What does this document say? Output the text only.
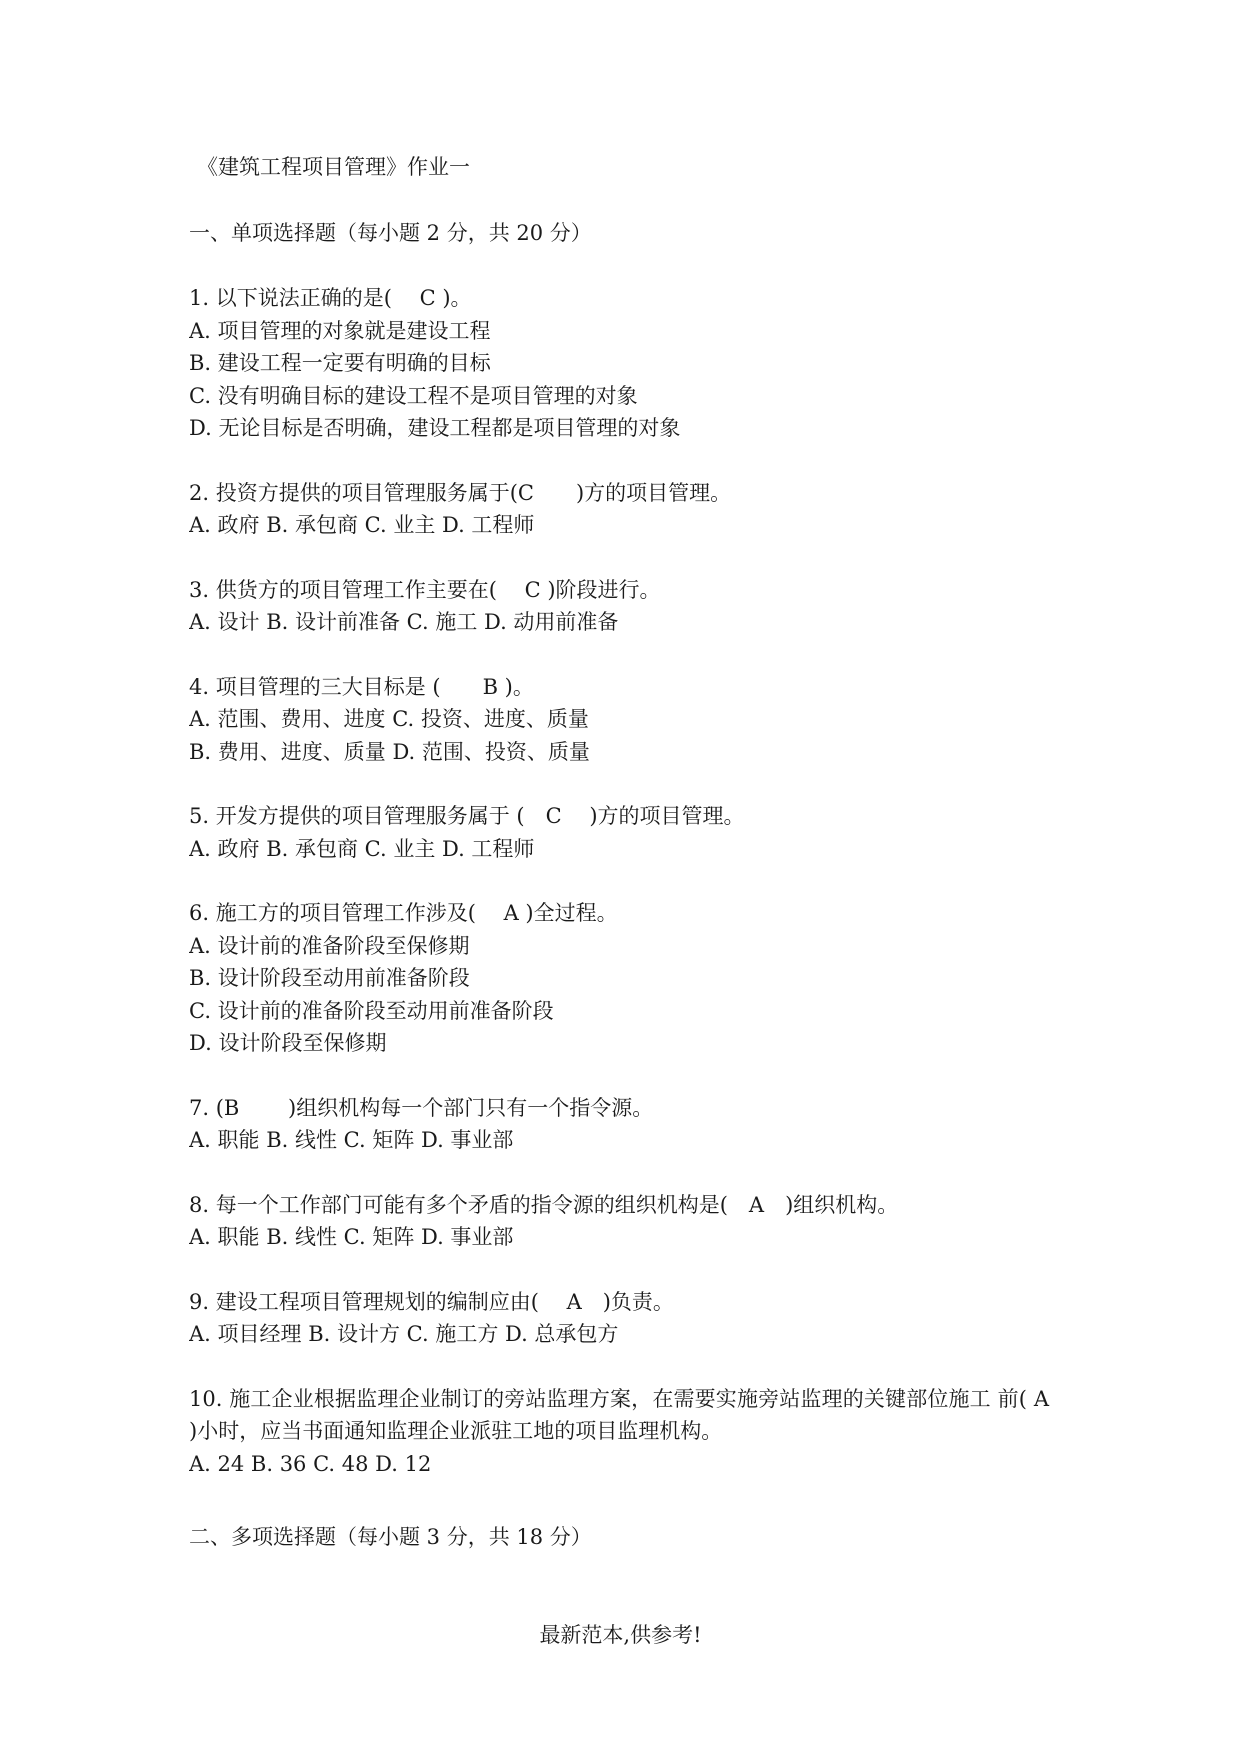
《建筑工程项目管理》作业一
一、单项选择题（每小题 2 分，共 20 分）
1. 以下说法正确的是(　 C )。
A. 项目管理的对象就是建设工程
B. 建设工程一定要有明确的目标
C. 没有明确目标的建设工程不是项目管理的对象
D. 无论目标是否明确，建设工程都是项目管理的对象
2. 投资方提供的项目管理服务属于(C　　)方的项目管理。
A. 政府 B. 承包商 C. 业主 D. 工程师
3. 供货方的项目管理工作主要在(　 C )阶段进行。
A. 设计 B. 设计前准备 C. 施工 D. 动用前准备
4. 项目管理的三大目标是 (　　B )。
A. 范围、费用、进度 C. 投资、进度、质量
B. 费用、进度、质量 D. 范围、投资、质量
5. 开发方提供的项目管理服务属于 (　C　 )方的项目管理。
A. 政府 B. 承包商 C. 业主 D. 工程师
6. 施工方的项目管理工作涉及(　 A )全过程。
A. 设计前的准备阶段至保修期
B. 设计阶段至动用前准备阶段
C. 设计前的准备阶段至动用前准备阶段
D. 设计阶段至保修期
7. (B　　 )组织机构每一个部门只有一个指令源。
A. 职能 B. 线性 C. 矩阵 D. 事业部
8. 每一个工作部门可能有多个矛盾的指令源的组织机构是(　A　)组织机构。
A. 职能 B. 线性 C. 矩阵 D. 事业部
9. 建设工程项目管理规划的编制应由(　 A　)负责。
A. 项目经理 B. 设计方 C. 施工方 D. 总承包方
10. 施工企业根据监理企业制订的旁站监理方案，在需要实施旁站监理的关键部位施工 前( A )小时，应当书面通知监理企业派驻工地的项目监理机构。
A. 24 B. 36 C. 48 D. 12
二、多项选择题（每小题 3 分，共 18 分）
最新范本,供参考!
